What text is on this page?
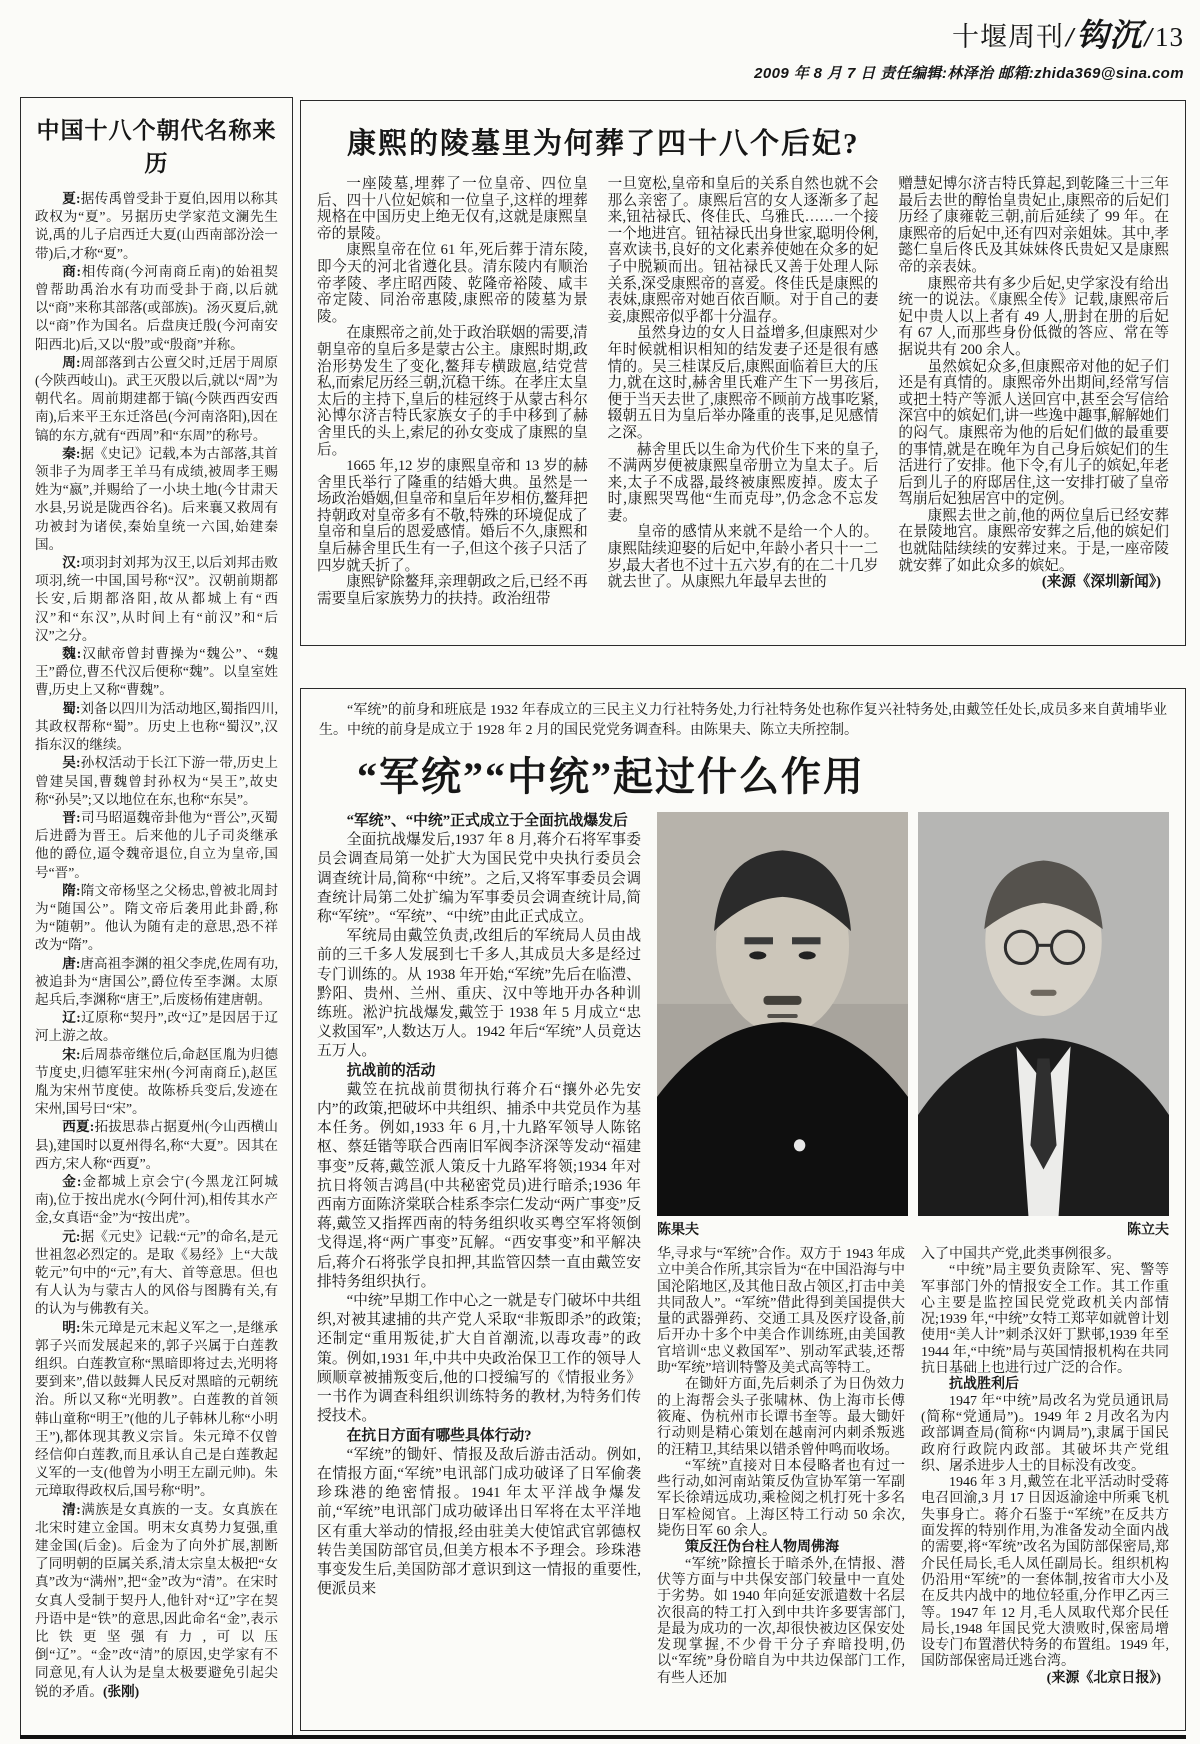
十堰周刊/钩沉/13
2009 年 8 月 7 日 责任编辑:林泽治 邮箱:zhida369@sina.com
中国十八个朝代名称来历

夏:据传禹曾受卦于夏伯,因用以称其政权为“夏”。另据历史学家范文澜先生说,禹的儿子启西迁大夏(山西南部汾浍一带)后,才称“夏”。

商:相传商(今河南商丘南)的始祖契曾帮助禹治水有功而受卦于商,以后就以“商”来称其部落(或部族)。汤灭夏后,就以“商”作为国名。后盘庚迁殷(今河南安阳西北)后,又以“殷”或“殷商”并称。

周:周部落到古公亶父时,迁居于周原(今陕西岐山)。武王灭殷以后,就以“周”为朝代名。周前期建都于镐(今陕西西安西南),后来平王东迁洛邑(今河南洛阳),因在镐的东方,就有“西周”和“东周”的称号。

秦:据《史记》记载,本为古部落,其首领非子为周孝王羊马有成绩,被周孝王赐姓为“嬴”,并赐给了一小块土地(今甘肃天水县,另说是陇西谷名)。后来襄又救周有功被封为诸侯,秦始皇统一六国,始建秦国。

汉:项羽封刘邦为汉王,以后刘邦击败项羽,统一中国,国号称“汉”。汉朝前期都长安,后期都洛阳,故从都城上有“西汉”和“东汉”,从时间上有“前汉”和“后汉”之分。

魏:汉献帝曾封曹操为“魏公”、“魏王”爵位,曹丕代汉后便称“魏”。以皇室姓曹,历史上又称“曹魏”。

蜀:刘备以四川为活动地区,蜀指四川,其政权帮称“蜀”。历史上也称“蜀汉”,汉指东汉的继续。

吴:孙权活动于长江下游一带,历史上曾建吴国,曹魏曾封孙权为“吴王”,故史称“孙吴”;又以地位在东,也称“东吴”。

晋:司马昭逼魏帝卦他为“晋公”,灭蜀后进爵为晋王。后来他的儿子司炎继承他的爵位,逼令魏帝退位,自立为皇帝,国号“晋”。

隋:隋文帝杨坚之父杨忠,曾被北周封为“随国公”。隋文帝后袭用此卦爵,称为“随朝”。他认为随有走的意思,恐不祥改为“隋”。

唐:唐高祖李渊的祖父李虎,佐周有功,被追卦为“唐国公”,爵位传至李渊。太原起兵后,李渊称“唐王”,后废杨侑建唐朝。

辽:辽原称“契丹”,改“辽”是因居于辽河上游之故。

宋:后周恭帝继位后,命赵匡胤为归德节度史,归德军驻宋州(今河南商丘),赵匡胤为宋州节度使。故陈桥兵变后,发迹在宋州,国号曰“宋”。

西夏:拓拔思恭占据夏州(今山西横山县),建国时以夏州得名,称“大夏”。因其在西方,宋人称“西夏”。

金:金都城上京会宁(今黑龙江阿城南),位于按出虎水(今阿什河),相传其水产金,女真语“金”为“按出虎”。

元:据《元史》记载:“元”的命名,是元世祖忽必烈定的。是取《易经》上“大哉乾元”句中的“元”,有大、首等意思。但也有人认为与蒙古人的风俗与图腾有关,有的认为与佛教有关。

明:朱元璋是元末起义军之一,是继承郭子兴而发展起来的,郭子兴属于白莲教组织。白莲教宣称“黑暗即将过去,光明将要到来”,借以鼓舞人民反对黑暗的元朝统治。所以又称“光明教”。白莲教的首领韩山童称“明王”(他的儿子韩林儿称“小明王”),都体现其教义宗旨。朱元璋不仅曾经信仰白莲教,而且承认自己是白莲教起义军的一支(他曾为小明王左副元帅)。朱元璋取得政权后,国号称“明”。

清:满族是女真族的一支。女真族在北宋时建立金国。明末女真势力复强,重建金国(后金)。后金为了向外扩展,割断了同明朝的臣属关系,清太宗皇太极把“女真”改为“满州”,把“金”改为“清”。在宋时女真人受制于契丹人,他针对“辽”字在契丹语中是“铁”的意思,因此命名“金”,表示比铁更坚强有力,可以压倒“辽”。“金”改“清”的原因,史学家有不同意见,有人认为是皇太极要避免引起尖锐的矛盾。(张刚)

康熙的陵墓里为何葬了四十八个后妃?

一座陵墓,埋葬了一位皇帝、四位皇后、四十八位妃嫔和一位皇子,这样的埋葬规格在中国历史上绝无仅有,这就是康熙皇帝的景陵。

康熙皇帝在位 61 年,死后葬于清东陵,即今天的河北省遵化县。清东陵内有顺治帝孝陵、孝庄昭西陵、乾隆帝裕陵、咸丰帝定陵、同治帝惠陵,康熙帝的陵墓为景陵。

在康熙帝之前,处于政治联姻的需要,清朝皇帝的皇后多是蒙古公主。康熙时期,政治形势发生了变化,鳌拜专横跋扈,结党营私,而索尼历经三朝,沉稳干练。在孝庄太皇太后的主持下,皇后的桂冠终于从蒙古科尔沁博尔济吉特氏家族女子的手中移到了赫舍里氏的头上,索尼的孙女变成了康熙的皇后。

1665 年,12 岁的康熙皇帝和 13 岁的赫舍里氏举行了隆重的结婚大典。虽然是一场政治婚姻,但皇帝和皇后年岁相仿,鳌拜把持朝政对皇帝多有不敬,特殊的环境促成了皇帝和皇后的恩爱感情。婚后不久,康熙和皇后赫舍里氏生有一子,但这个孩子只活了四岁就夭折了。

康熙铲除鳌拜,亲理朝政之后,已经不再需要皇后家族势力的扶持。政治纽带

一旦宽松,皇帝和皇后的关系自然也就不会那么亲密了。康熙后宫的女人逐渐多了起来,钮祜禄氏、佟佳氏、乌雅氏……一个接一个地进宫。钮祜禄氏出身世家,聪明伶俐,喜欢读书,良好的文化素养使她在众多的妃子中脱颖而出。钮祜禄氏又善于处理人际关系,深受康熙帝的喜爱。佟佳氏是康熙的表妹,康熙帝对她百依百顺。对于自己的妻妾,康熙帝似乎都十分温存。

虽然身边的女人日益增多,但康熙对少年时候就相识相知的结发妻子还是很有感情的。吴三桂谋反后,康熙面临着巨大的压力,就在这时,赫舍里氏难产生下一男孩后,便于当天去世了,康熙帝不顾前方战事吃紧,辍朝五日为皇后举办隆重的丧事,足见感情之深。

赫舍里氏以生命为代价生下来的皇子,不满两岁便被康熙皇帝册立为皇太子。后来,太子不成器,最终被康熙废掉。废太子时,康熙哭骂他“生而克母”,仍念念不忘发妻。

皇帝的感情从来就不是给一个人的。康熙陆续迎娶的后妃中,年龄小者只十一二岁,最大者也不过十五六岁,有的在二十几岁就去世了。从康熙九年最早去世的

赠慧妃博尔济吉特氏算起,到乾隆三十三年最后去世的醇怡皇贵妃止,康熙帝的后妃们历经了康雍乾三朝,前后延续了 99 年。在康熙帝的后妃中,还有四对亲姐妹。其中,孝懿仁皇后佟氏及其妹妹佟氏贵妃又是康熙帝的亲表妹。

康熙帝共有多少后妃,史学家没有给出统一的说法。《康熙全传》记载,康熙帝后妃中贵人以上者有 49 人,册封在册的后妃有 67 人,而那些身份低微的答应、常在等据说共有 200 余人。

虽然嫔妃众多,但康熙帝对他的妃子们还是有真情的。康熙帝外出期间,经常写信或把土特产等派人送回宫中,甚至会写信给深宫中的嫔妃们,讲一些逸中趣事,解解她们的闷气。康熙帝为他的后妃们做的最重要的事情,就是在晚年为自己身后嫔妃们的生活进行了安排。他下令,有儿子的嫔妃,年老后到儿子的府邸居住,这一安排打破了皇帝驾崩后妃独居宫中的定例。

康熙去世之前,他的两位皇后已经安葬在景陵地宫。康熙帝安葬之后,他的嫔妃们也就陆陆续续的安葬过来。于是,一座帝陵就安葬了如此众多的嫔妃。

(来源《深圳新闻》)

“军统”的前身和班底是 1932 年春成立的三民主义力行社特务处,力行社特务处也称作复兴社特务处,由戴笠任处长,成员多来自黄埔毕业生。中统的前身是成立于 1928 年 2 月的国民党党务调查科。由陈果夫、陈立夫所控制。

“军统”“中统”起过什么作用
“军统”、“中统”正式成立于全面抗战爆发后

全面抗战爆发后,1937 年 8 月,蒋介石将军事委员会调查局第一处扩大为国民党中央执行委员会调查统计局,简称“中统”。之后,又将军事委员会调查统计局第二处扩编为军事委员会调查统计局,简称“军统”。“军统”、“中统”由此正式成立。

军统局由戴笠负责,改组后的军统局人员由战前的三千多人发展到七千多人,其成员大多是经过专门训练的。从 1938 年开始,“军统”先后在临澧、黔阳、贵州、兰州、重庆、汉中等地开办各种训练班。淞沪抗战爆发,戴笠于 1938 年 5 月成立“忠义救国军”,人数达万人。1942 年后“军统”人员竟达五万人。

抗战前的活动

戴笠在抗战前贯彻执行蒋介石“攘外必先安内”的政策,把破坏中共组织、捕杀中共党员作为基本任务。例如,1933 年 6 月,十九路军领导人陈铭枢、蔡廷锴等联合西南旧军阀李济深等发动“福建事变”反蒋,戴笠派人策反十九路军将领;1934 年对抗日将领吉鸿昌(中共秘密党员)进行暗杀;1936 年西南方面陈济棠联合桂系李宗仁发动“两广事变”反蒋,戴笠又指挥西南的特务组织收买粤空军将领倒戈得逞,将“两广事变”瓦解。“西安事变”和平解决后,蒋介石将张学良扣押,其监管囚禁一直由戴笠安排特务组织执行。

“中统”早期工作中心之一就是专门破坏中共组织,对被其逮捕的共产党人采取“非叛即杀”的政策;还制定“重用叛徒,扩大自首潮流,以毒攻毒”的政策。例如,1931 年,中共中央政治保卫工作的领导人顾顺章被捕叛变后,他的口授编写的《情报业务》一书作为调查科组织训练特务的教材,为特务们传授技术。

在抗日方面有哪些具体行动?

“军统”的锄奸、情报及敌后游击活动。例如,在情报方面,“军统”电讯部门成功破译了日军偷袭珍珠港的绝密情报。1941 年太平洋战争爆发前,“军统”电讯部门成功破译出日军将在太平洋地区有重大举动的情报,经由驻美大使馆武官郭德权转告美国防部官员,但美方根本不予理会。珍珠港事变发生后,美国防部才意识到这一情报的重要性,便派员来

陈果夫	陈立夫

华,寻求与“军统”合作。双方于 1943 年成立中美合作所,其宗旨为“在中国沿海与中国沦陷地区,及其他日敌占领区,打击中美共同敌人”。“军统”借此得到美国提供大量的武器弹药、交通工具及医疗设备,前后开办十多个中美合作训练班,由美国教官培训“忠义救国军”、别动军武装,还帮助“军统”培训特警及美式高等特工。

在锄奸方面,先后刺杀了为日伪效力的上海帮会头子张啸林、伪上海市长傅筱庵、伪杭州市长谭书奎等。最大锄奸行动则是精心策划在越南河内刺杀叛逃的汪精卫,其结果以错杀曾仲鸣而收场。

“军统”直接对日本侵略者也有过一些行动,如河南站策反伪宣协军第一军副军长徐靖远成功,乘检阅之机打死十多名日军检阅官。上海区特工行动 50 余次,毙伤日军 60 余人。

策反汪伪台柱人物周佛海

“军统”除擅长于暗杀外,在情报、潜伏等方面与中共保安部门较量中一直处于劣势。如 1940 年向延安派遣数十名层次很高的特工打入到中共许多要害部门,是最为成功的一次,却很快被边区保安处发现掌握,不少骨干分子弃暗投明,仍以“军统”身份暗自为中共边保部门工作,有些人还加

入了中国共产党,此类事例很多。

“中统”局主要负责除军、宪、警等军事部门外的情报安全工作。其工作重心主要是监控国民党党政机关内部情况;1939 年,“中统”女特工郑苹如就曾计划使用“美人计”刺杀汉奸丁默邨,1939 年至 1944 年,“中统”局与英国情报机构在共同抗日基础上也进行过广泛的合作。

抗战胜利后

1947 年“中统”局改名为党员通讯局(简称“党通局”)。1949 年 2 月改名为内政部调查局(简称“内调局”),隶属于国民政府行政院内政部。其破坏共产党组织、屠杀进步人士的目标没有改变。

1946 年 3 月,戴笠在北平活动时受蒋电召回渝,3 月 17 日因返渝途中所乘飞机失事身亡。蒋介石鉴于“军统”在反共方面发挥的特别作用,为准备发动全面内战的需要,将“军统”改名为国防部保密局,郑介民任局长,毛人凤任副局长。组织机构仍沿用“军统”的一套体制,按省市大小及在反共内战中的地位轻重,分作甲乙丙三等。1947 年 12 月,毛人凤取代郑介民任局长,1948 年国民党大溃败时,保密局增设专门布置潜伏特务的布置组。1949 年,国防部保密局迁逃台湾。

(来源《北京日报》)
